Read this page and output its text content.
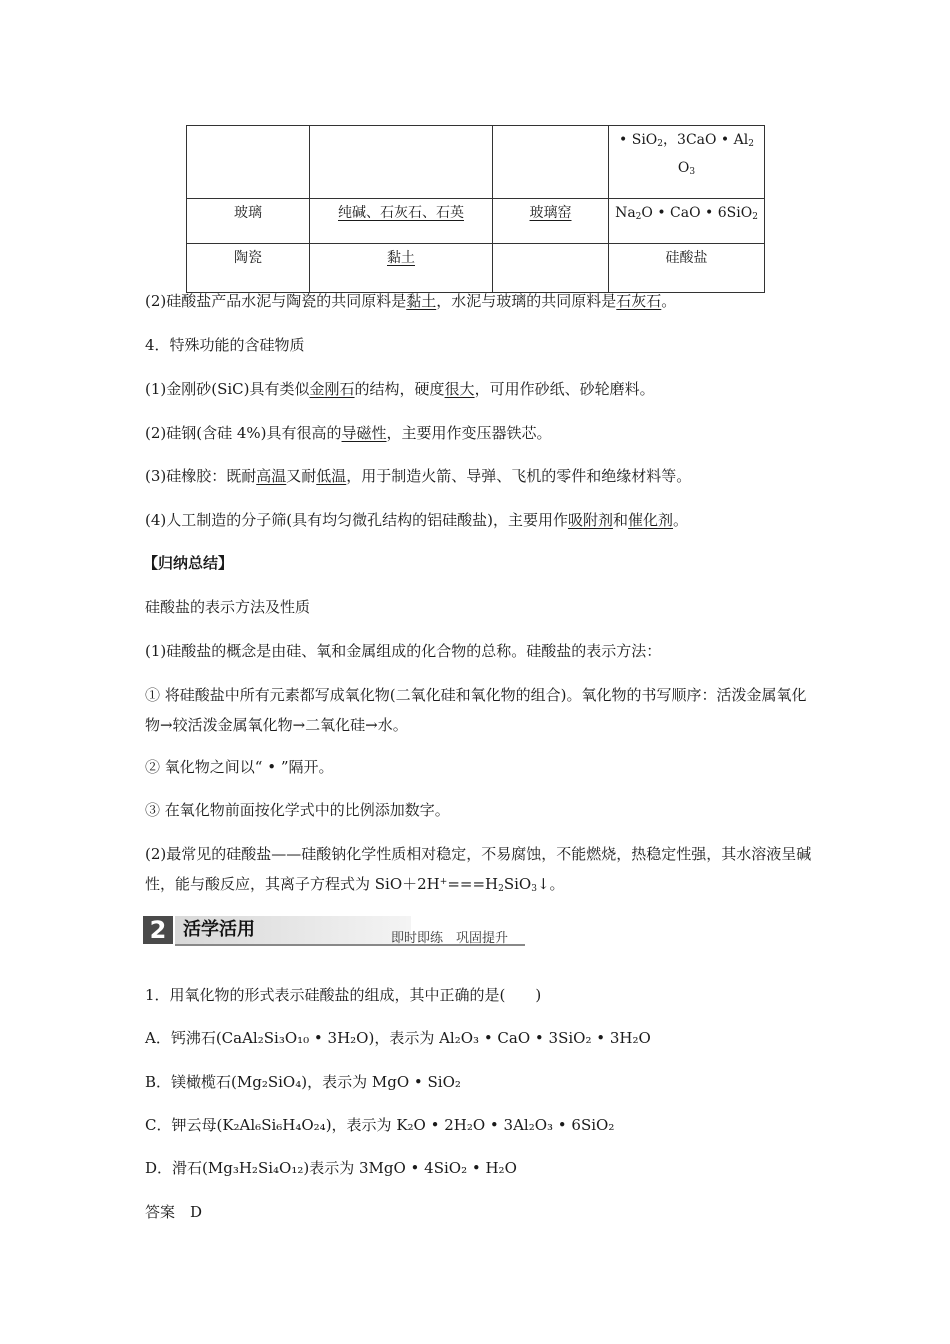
			• SiO$_2$，3CaO • $Al_2$
$O_3$
玻璃	纯碱、石灰石、石英	玻璃窑	$Na_2O$ • CaO • 6SiO$_2$
陶瓷	黏土		硅酸盐
(2)硅酸盐产品水泥与陶瓷的共同原料是黏土，水泥与玻璃的共同原料是石灰石。
4．特殊功能的含硅物质
(1)金刚砂(SiC)具有类似金刚石的结构，硬度很大，可用作砂纸、砂轮磨料。
(2)硅钢(含硅 4%)具有很高的导磁性，主要用作变压器铁芯。
(3)硅橡胶：既耐高温又耐低温，用于制造火箭、导弹、飞机的零件和绝缘材料等。
(4)人工制造的分子筛(具有均匀微孔结构的铝硅酸盐)，主要用作吸附剂和催化剂。
【归纳总结】
硅酸盐的表示方法及性质
(1)硅酸盐的概念是由硅、氧和金属组成的化合物的总称。硅酸盐的表示方法：
① 将硅酸盐中所有元素都写成氧化物(二氧化硅和氧化物的组合)。氧化物的书写顺序：活泼金属氧化物→较活泼金属氧化物→二氧化硅→水。
② 氧化物之间以“ • ”隔开。
③ 在氧化物前面按化学式中的比例添加数字。
(2)最常见的硅酸盐——硅酸钠化学性质相对稳定，不易腐蚀，不能燃烧，热稳定性强，其水溶液呈碱性，能与酸反应，其离子方程式为 $SiO+2H^+===H_2SiO_3↓$。
2 活学活用	即时即练　巩固提升
1．用氧化物的形式表示硅酸盐的组成，其中正确的是(　　)
A．钙沸石(CaAl₂Si₃O₁₀ • 3H₂O)，表示为 Al₂O₃ • CaO • 3SiO₂ • 3H₂O
B．镁橄榄石(Mg₂SiO₄)，表示为 MgO • SiO₂
C．钾云母(K₂Al₆Si₆H₄O₂₄)，表示为 K₂O • 2H₂O • 3Al₂O₃ • 6SiO₂
D．滑石(Mg₃H₂Si₄O₁₂)表示为 3MgO • 4SiO₂ • H₂O
答案　D
